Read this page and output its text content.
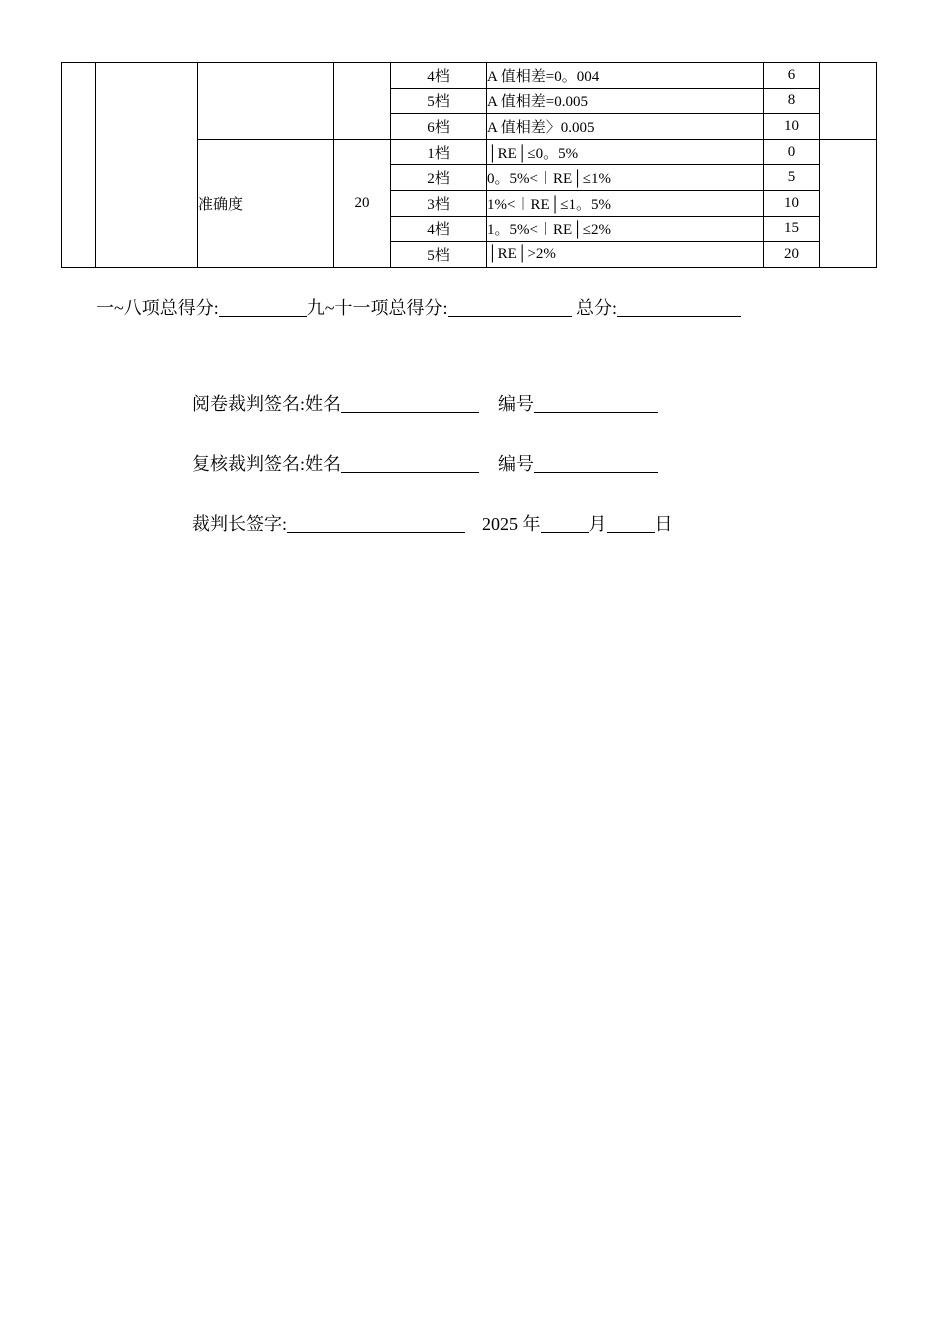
				4档	A 值相差=0。004	6	
				5档	A 值相差=0.005	8	
				6档	A 值相差〉0.005	10	
		准确度	20	1档	│RE│≤0。5%	0	
				2档	0。5%<︱RE│≤1%	5	
				3档	1%<︱RE│≤1。5%	10	
				4档	1。5%<︱RE│≤2%	15	
				5档	│RE│>2%	20	
一~八项总得分:	九~十一项总得分:	总分:
阅卷裁判签名:姓名	编号
复核裁判签名:姓名	编号
裁判长签字:	2025 年	月	日
